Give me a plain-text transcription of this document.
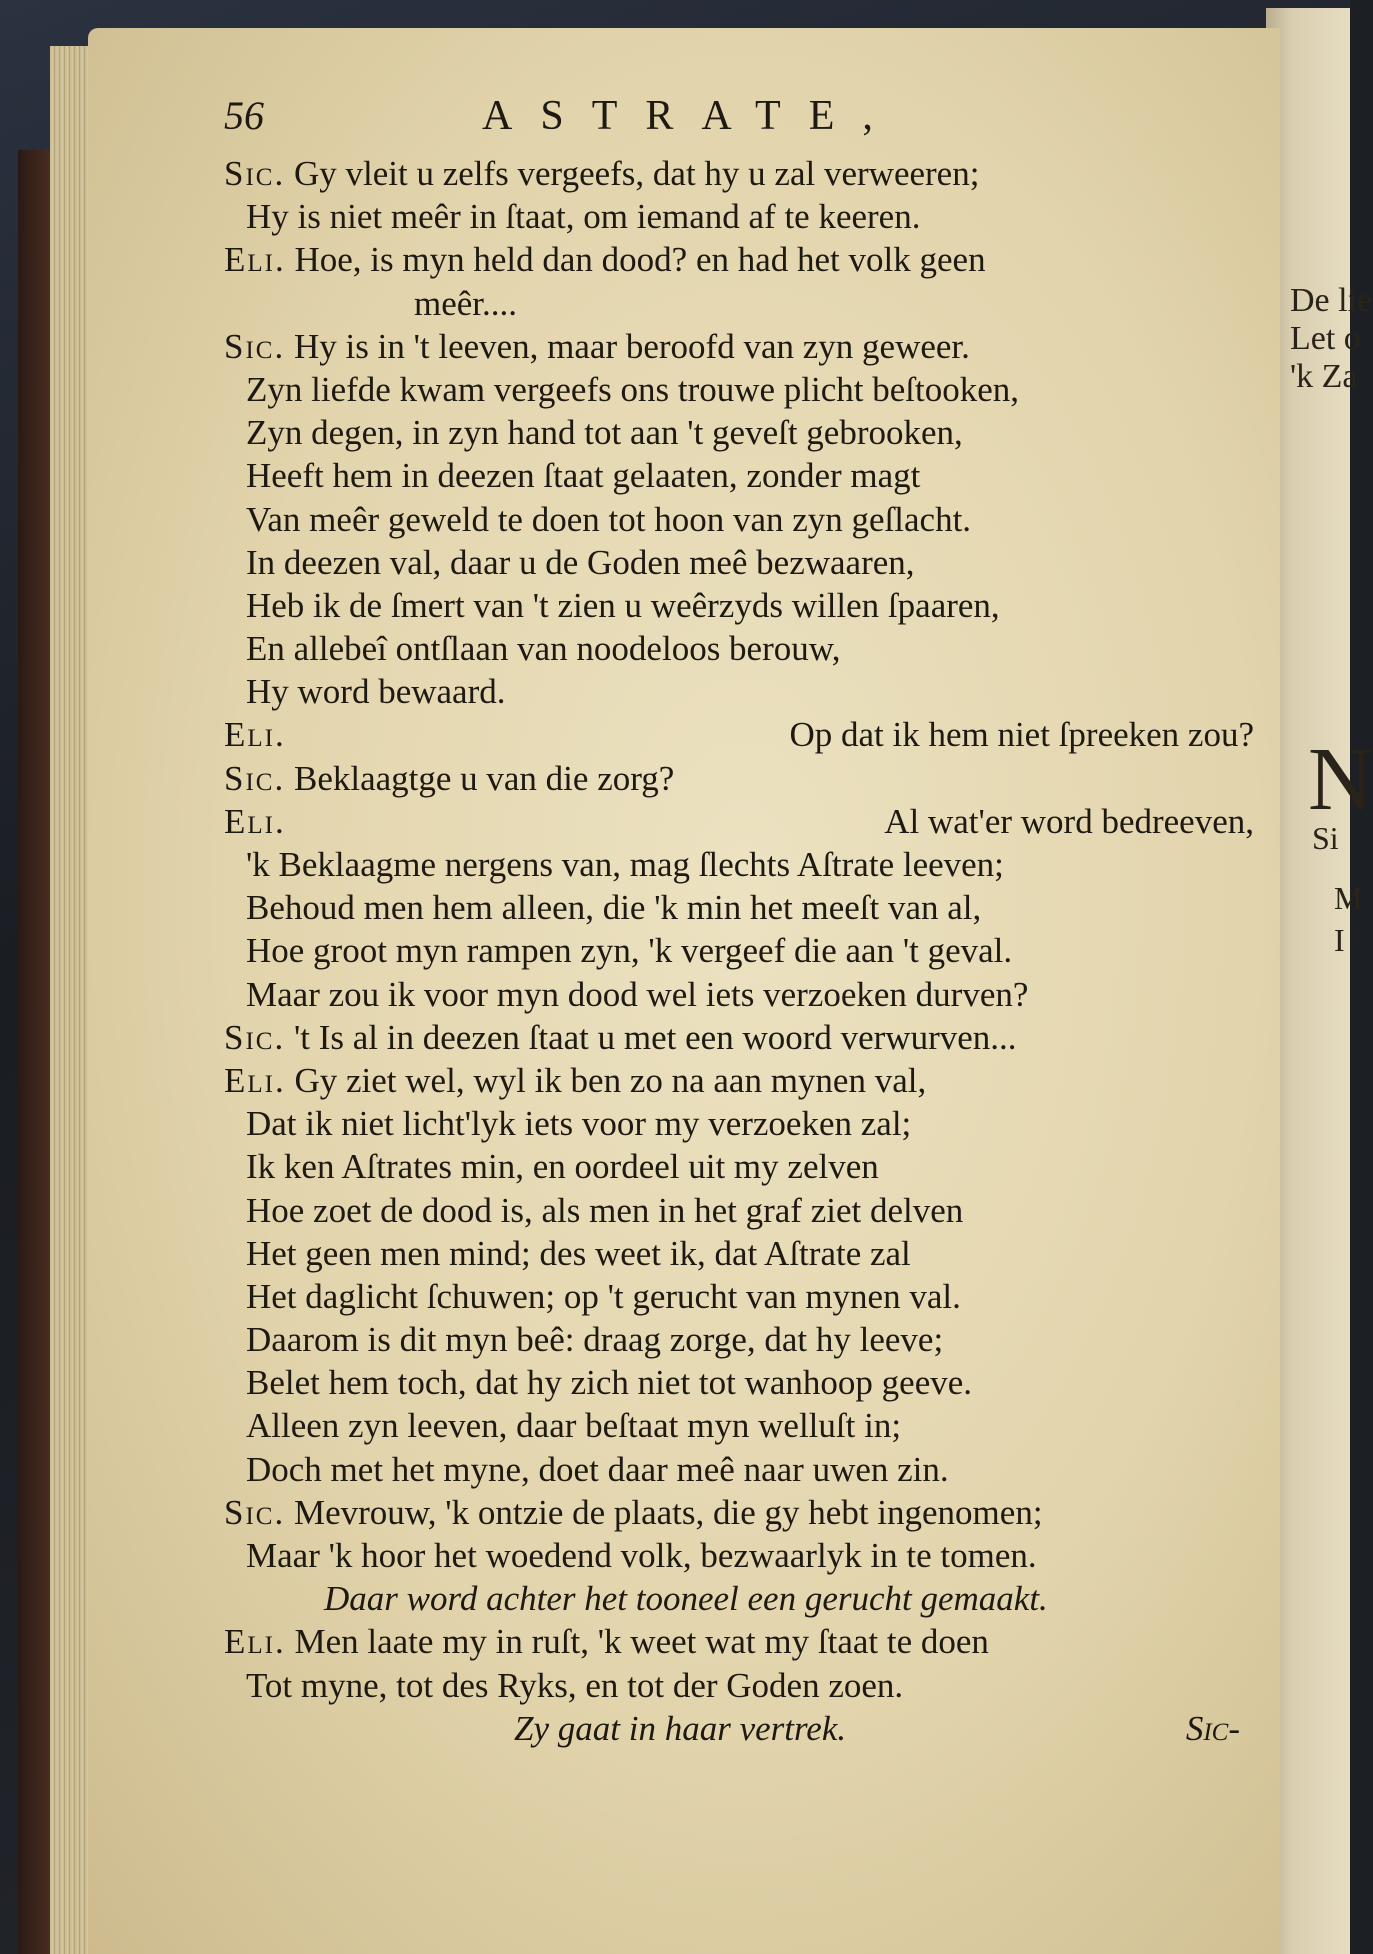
De lie
Let o
'k Za
N
Si
M
I
56	ASTRATE,
Sic. Gy vleit u zelfs vergeefs, dat hy u zal verweeren;
Hy is niet meêr in ſtaat, om iemand af te keeren.
Eli. Hoe, is myn held dan dood? en had het volk geen
meêr....
Sic. Hy is in 't leeven, maar beroofd van zyn geweer.
Zyn liefde kwam vergeefs ons trouwe plicht beſtooken,
Zyn degen, in zyn hand tot aan 't geveſt gebrooken,
Heeft hem in deezen ſtaat gelaaten, zonder magt
Van meêr geweld te doen tot hoon van zyn geſlacht.
In deezen val, daar u de Goden meê bezwaaren,
Heb ik de ſmert van 't zien u weêrzyds willen ſpaaren,
En allebeî ontſlaan van noodeloos berouw,
Hy word bewaard.
Eli.	Op dat ik hem niet ſpreeken zou?
Sic. Beklaagtge u van die zorg?
Eli.	Al wat'er word bedreeven,
'k Beklaagme nergens van, mag ſlechts Aſtrate leeven;
Behoud men hem alleen, die 'k min het meeſt van al,
Hoe groot myn rampen zyn, 'k vergeef die aan 't geval.
Maar zou ik voor myn dood wel iets verzoeken durven?
Sic. 't Is al in deezen ſtaat u met een woord verwurven...
Eli. Gy ziet wel, wyl ik ben zo na aan mynen val,
Dat ik niet licht'lyk iets voor my verzoeken zal;
Ik ken Aſtrates min, en oordeel uit my zelven
Hoe zoet de dood is, als men in het graf ziet delven
Het geen men mind; des weet ik, dat Aſtrate zal
Het daglicht ſchuwen; op 't gerucht van mynen val.
Daarom is dit myn beê: draag zorge, dat hy leeve;
Belet hem toch, dat hy zich niet tot wanhoop geeve.
Alleen zyn leeven, daar beſtaat myn welluſt in;
Doch met het myne, doet daar meê naar uwen zin.
Sic. Mevrouw, 'k ontzie de plaats, die gy hebt ingenomen;
Maar 'k hoor het woedend volk, bezwaarlyk in te tomen.
Daar word achter het tooneel een gerucht gemaakt.
Eli. Men laate my in ruſt, 'k weet wat my ſtaat te doen
Tot myne, tot des Ryks, en tot der Goden zoen.
Zy gaat in haar vertrek.	Sic-
